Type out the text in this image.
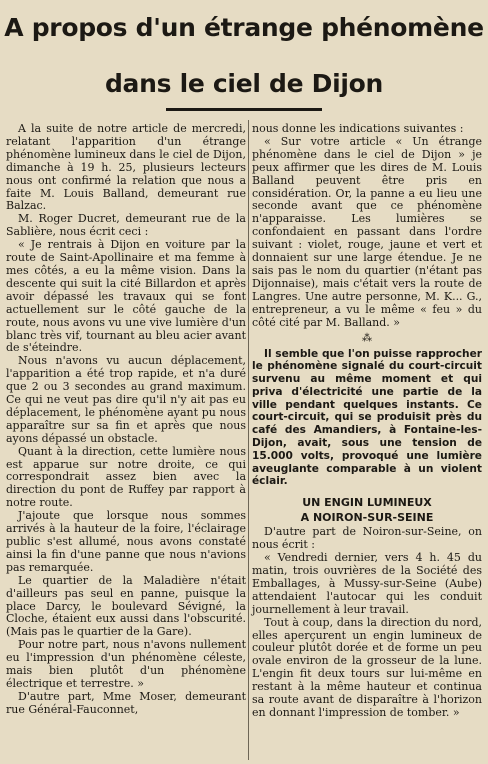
A propos d'un étrange phénomène
dans le ciel de Dijon

A la suite de notre article de mercredi, relatant l'apparition d'un étrange phénomène lumineux dans le ciel de Dijon, dimanche à 19 h. 25, plusieurs lecteurs nous ont confirmé la relation que nous a faite M. Louis Balland, demeurant rue Balzac.

M. Roger Ducret, demeurant rue de la Sablière, nous écrit ceci :

« Je rentrais à Dijon en voiture par la route de Saint-Apollinaire et ma femme à mes côtés, a eu la même vision. Dans la descente qui suit la cité Billardon et après avoir dépassé les travaux qui se font actuellement sur le côté gauche de la route, nous avons vu une vive lumière d'un blanc très vif, tournant au bleu acier avant de s'éteindre.

Nous n'avons vu aucun déplacement, l'apparition a été trop rapide, et n'a duré que 2 ou 3 secondes au grand maximum. Ce qui ne veut pas dire qu'il n'y ait pas eu déplacement, le phénomène ayant pu nous apparaître sur sa fin et après que nous ayons dépassé un obstacle.

Quant à la direction, cette lumière nous est apparue sur notre droite, ce qui correspondrait assez bien avec la direction du pont de Ruffey par rapport à notre route.

J'ajoute que lorsque nous sommes arrivés à la hauteur de la foire, l'éclairage public s'est allumé, nous avons constaté ainsi la fin d'une panne que nous n'avions pas remarquée.

Le quartier de la Maladière n'était d'ailleurs pas seul en panne, puisque la place Darcy, le boulevard Sévigné, la Cloche, étaient eux aussi dans l'obscurité. (Mais pas le quartier de la Gare).

Pour notre part, nous n'avons nullement eu l'impression d'un phénomène céleste, mais bien plutôt d'un phénomène électrique et terrestre. »

D'autre part, Mme Moser, demeurant rue Général-Fauconnet,

nous donne les indications suivantes :

« Sur votre article « Un étrange phénomène dans le ciel de Dijon » je peux affirmer que les dires de M. Louis Balland peuvent être pris en considération. Or, la panne a eu lieu une seconde avant que ce phénomène n'apparaisse. Les lumières se confondaient en passant dans l'ordre suivant : violet, rouge, jaune et vert et donnaient sur une large étendue. Je ne sais pas le nom du quartier (n'étant pas Dijonnaise), mais c'était vers la route de Langres. Une autre personne, M. K... G., entrepreneur, a vu le même « feu » du côté cité par M. Balland. »

⁂

Il semble que l'on puisse rapprocher le phénomène signalé du court-circuit survenu au même moment et qui priva d'électricité une partie de la ville pendant quelques instants. Ce court-circuit, qui se produisit près du café des Amandiers, à Fontaine-les-Dijon, avait, sous une tension de 15.000 volts, provoqué une lumière aveuglante comparable à un violent éclair.

UN ENGIN LUMINEUX
A NOIRON-SUR-SEINE

D'autre part de Noiron-sur-Seine, on nous écrit :

« Vendredi dernier, vers 4 h. 45 du matin, trois ouvrières de la Société des Emballages, à Mussy-sur-Seine (Aube) attendaient l'autocar qui les conduit journellement à leur travail.

Tout à coup, dans la direction du nord, elles aperçurent un engin lumineux de couleur plutôt dorée et de forme un peu ovale environ de la grosseur de la lune. L'engin fit deux tours sur lui-même en restant à la même hauteur et continua sa route avant de disparaître à l'horizon en donnant l'impression de tomber. »
